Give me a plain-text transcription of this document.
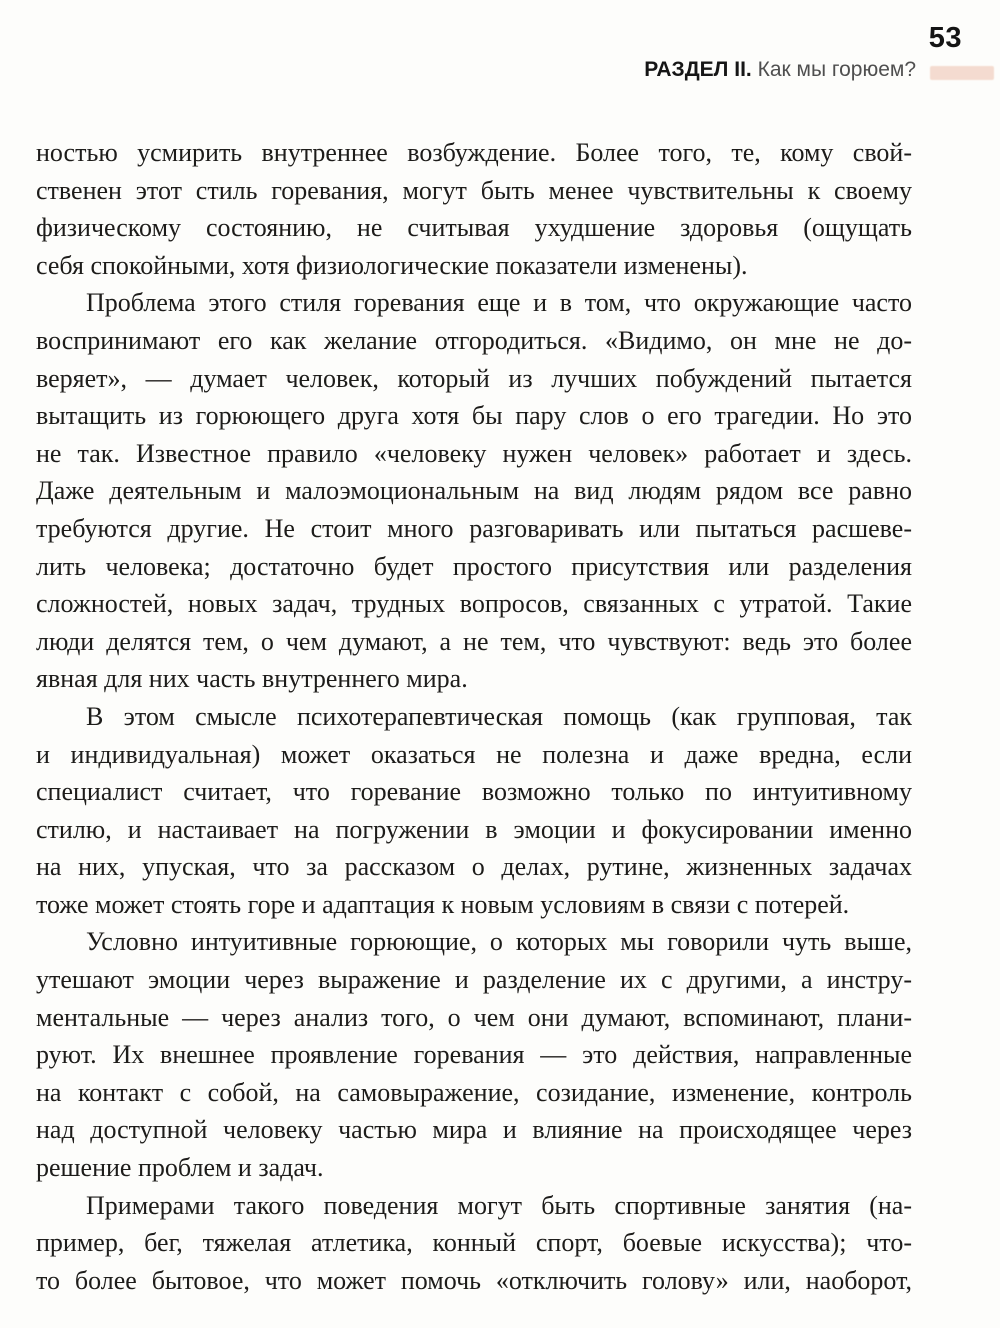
53
РАЗДЕЛ II. Как мы горюем?
ностью усмирить внутреннее возбуждение. Более того, те, кому свой-
ственен этот стиль горевания, могут быть менее чувствительны к своему
физическому состоянию, не считывая ухудшение здоровья (ощущать
себя спокойными, хотя физиологические показатели изменены).
Проблема этого стиля горевания еще и в том, что окружающие часто
воспринимают его как желание отгородиться. «Видимо, он мне не до-
веряет», — думает человек, который из лучших побуждений пытается
вытащить из горюющего друга хотя бы пару слов о его трагедии. Но это
не так. Известное правило «человеку нужен человек» работает и здесь.
Даже деятельным и малоэмоциональным на вид людям рядом все равно
требуются другие. Не стоит много разговаривать или пытаться расшеве-
лить человека; достаточно будет простого присутствия или разделения
сложностей, новых задач, трудных вопросов, связанных с утратой. Такие
люди делятся тем, о чем думают, а не тем, что чувствуют: ведь это более
явная для них часть внутреннего мира.
В этом смысле психотерапевтическая помощь (как групповая, так
и индивидуальная) может оказаться не полезна и даже вредна, если
специалист считает, что горевание возможно только по интуитивному
стилю, и настаивает на погружении в эмоции и фокусировании именно
на них, упуская, что за рассказом о делах, рутине, жизненных задачах
тоже может стоять горе и адаптация к новым условиям в связи с потерей.
Условно интуитивные горюющие, о которых мы говорили чуть выше,
утешают эмоции через выражение и разделение их с другими, а инстру-
ментальные — через анализ того, о чем они думают, вспоминают, плани-
руют. Их внешнее проявление горевания — это действия, направленные
на контакт с собой, на самовыражение, созидание, изменение, контроль
над доступной человеку частью мира и влияние на происходящее через
решение проблем и задач.
Примерами такого поведения могут быть спортивные занятия (на-
пример, бег, тяжелая атлетика, конный спорт, боевые искусства); что-
то более бытовое, что может помочь «отключить голову» или, наоборот,
